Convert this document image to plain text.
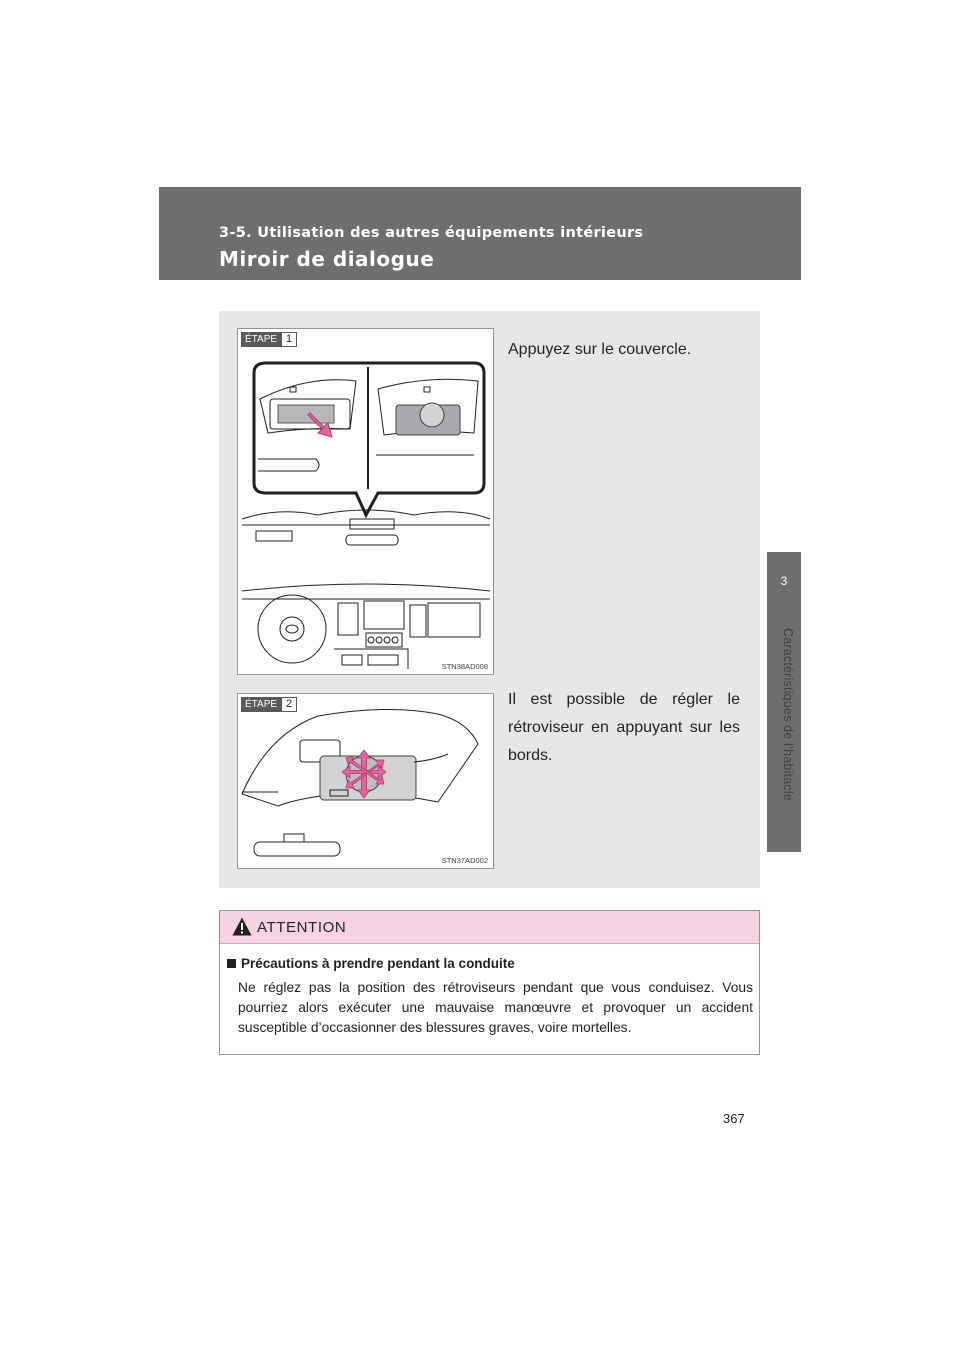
3-5. Utilisation des autres équipements intérieurs
Miroir de dialogue
3
Caractéristiques de l’habitacle
ÉTAPE 1
STN38AD008
Appuyez sur le couvercle.
ÉTAPE 2
STN37AD002
Il est possible de régler le rétroviseur en appuyant sur les bords.
ATTENTION
Précautions à prendre pendant la conduite
Ne réglez pas la position des rétroviseurs pendant que vous conduisez. Vous pourriez alors exécuter une mauvaise manœuvre et provoquer un accident susceptible d’occasionner des blessures graves, voire mortelles.
367
